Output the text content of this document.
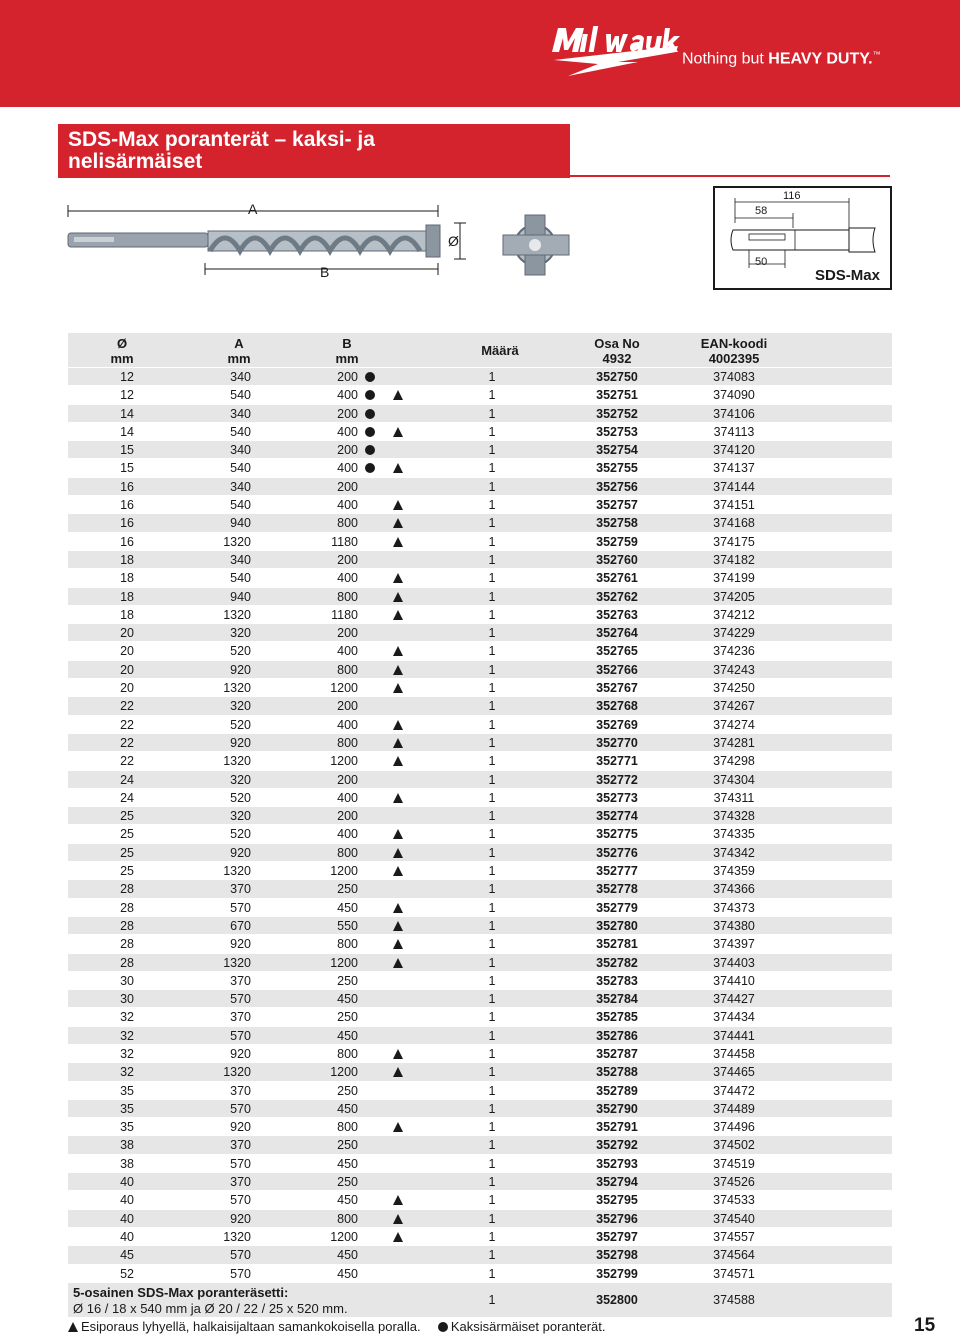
Nothing but HEAVY DUTY.™
SDS-Max poranterät – kaksi- ja
nelisärmäiset
A
B
Ø
116
58
50
SDS-Max
Ø
mm
A
mm
B
mm
Määrä	Osa No
4932
EAN-koodi
4002395
12	340	200	1	352750	374083
12	540	400	1	352751	374090
14	340	200	1	352752	374106
14	540	400	1	352753	374113
15	340	200	1	352754	374120
15	540	400	1	352755	374137
16	340	200	1	352756	374144
16	540	400	1	352757	374151
16	940	800	1	352758	374168
16	1320	1180	1	352759	374175
18	340	200	1	352760	374182
18	540	400	1	352761	374199
18	940	800	1	352762	374205
18	1320	1180	1	352763	374212
20	320	200	1	352764	374229
20	520	400	1	352765	374236
20	920	800	1	352766	374243
20	1320	1200	1	352767	374250
22	320	200	1	352768	374267
22	520	400	1	352769	374274
22	920	800	1	352770	374281
22	1320	1200	1	352771	374298
24	320	200	1	352772	374304
24	520	400	1	352773	374311
25	320	200	1	352774	374328
25	520	400	1	352775	374335
25	920	800	1	352776	374342
25	1320	1200	1	352777	374359
28	370	250	1	352778	374366
28	570	450	1	352779	374373
28	670	550	1	352780	374380
28	920	800	1	352781	374397
28	1320	1200	1	352782	374403
30	370	250	1	352783	374410
30	570	450	1	352784	374427
32	370	250	1	352785	374434
32	570	450	1	352786	374441
32	920	800	1	352787	374458
32	1320	1200	1	352788	374465
35	370	250	1	352789	374472
35	570	450	1	352790	374489
35	920	800	1	352791	374496
38	370	250	1	352792	374502
38	570	450	1	352793	374519
40	370	250	1	352794	374526
40	570	450	1	352795	374533
40	920	800	1	352796	374540
40	1320	1200	1	352797	374557
45	570	450	1	352798	374564
52	570	450	1	352799	374571
5-osainen SDS-Max poranteräsetti:
Ø 16 / 18 x 540 mm ja Ø 20 / 22 / 25 x 520 mm.
1	352800	374588
Esiporaus lyhyellä, halkaisijaltaan samankokoisella poralla. Kaksisärmäiset poranterät.	15
